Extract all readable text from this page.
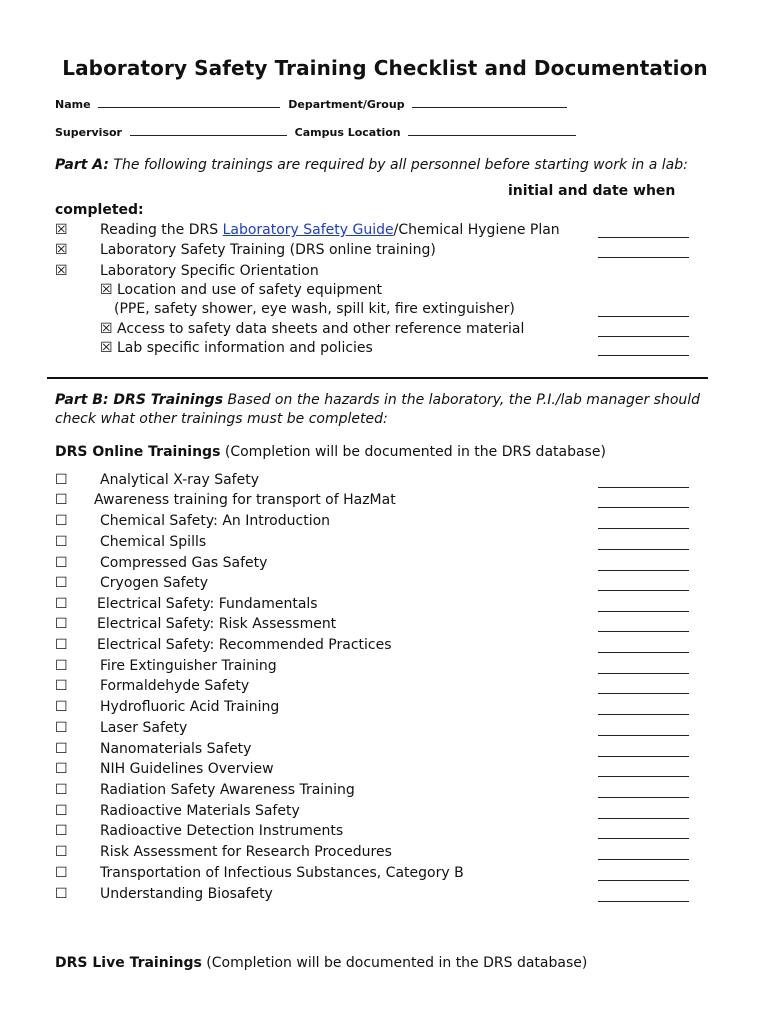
Laboratory Safety Training Checklist and Documentation
Name	Department/Group
Supervisor	Campus Location
Part A: The following trainings are required by all personnel before starting work in a lab:
initial and date when
completed:
☒ Reading the DRS Laboratory Safety Guide/Chemical Hygiene Plan
☒ Laboratory Safety Training (DRS online training)
☒ Laboratory Specific Orientation
☒ Location and use of safety equipment
(PPE, safety shower, eye wash, spill kit, fire extinguisher)
☒ Access to safety data sheets and other reference material
☒ Lab specific information and policies
Part B: DRS Trainings Based on the hazards in the laboratory, the P.I./lab manager should
check what other trainings must be completed:
DRS Online Trainings (Completion will be documented in the DRS database)
☐ Analytical X-ray Safety
☐ Awareness training for transport of HazMat
☐ Chemical Safety: An Introduction
☐ Chemical Spills
☐ Compressed Gas Safety
☐ Cryogen Safety
☐ Electrical Safety: Fundamentals
☐ Electrical Safety: Risk Assessment
☐ Electrical Safety: Recommended Practices
☐ Fire Extinguisher Training
☐ Formaldehyde Safety
☐ Hydrofluoric Acid Training
☐ Laser Safety
☐ Nanomaterials Safety
☐ NIH Guidelines Overview
☐ Radiation Safety Awareness Training
☐ Radioactive Materials Safety
☐ Radioactive Detection Instruments
☐ Risk Assessment for Research Procedures
☐ Transportation of Infectious Substances, Category B
☐ Understanding Biosafety
DRS Live Trainings (Completion will be documented in the DRS database)
